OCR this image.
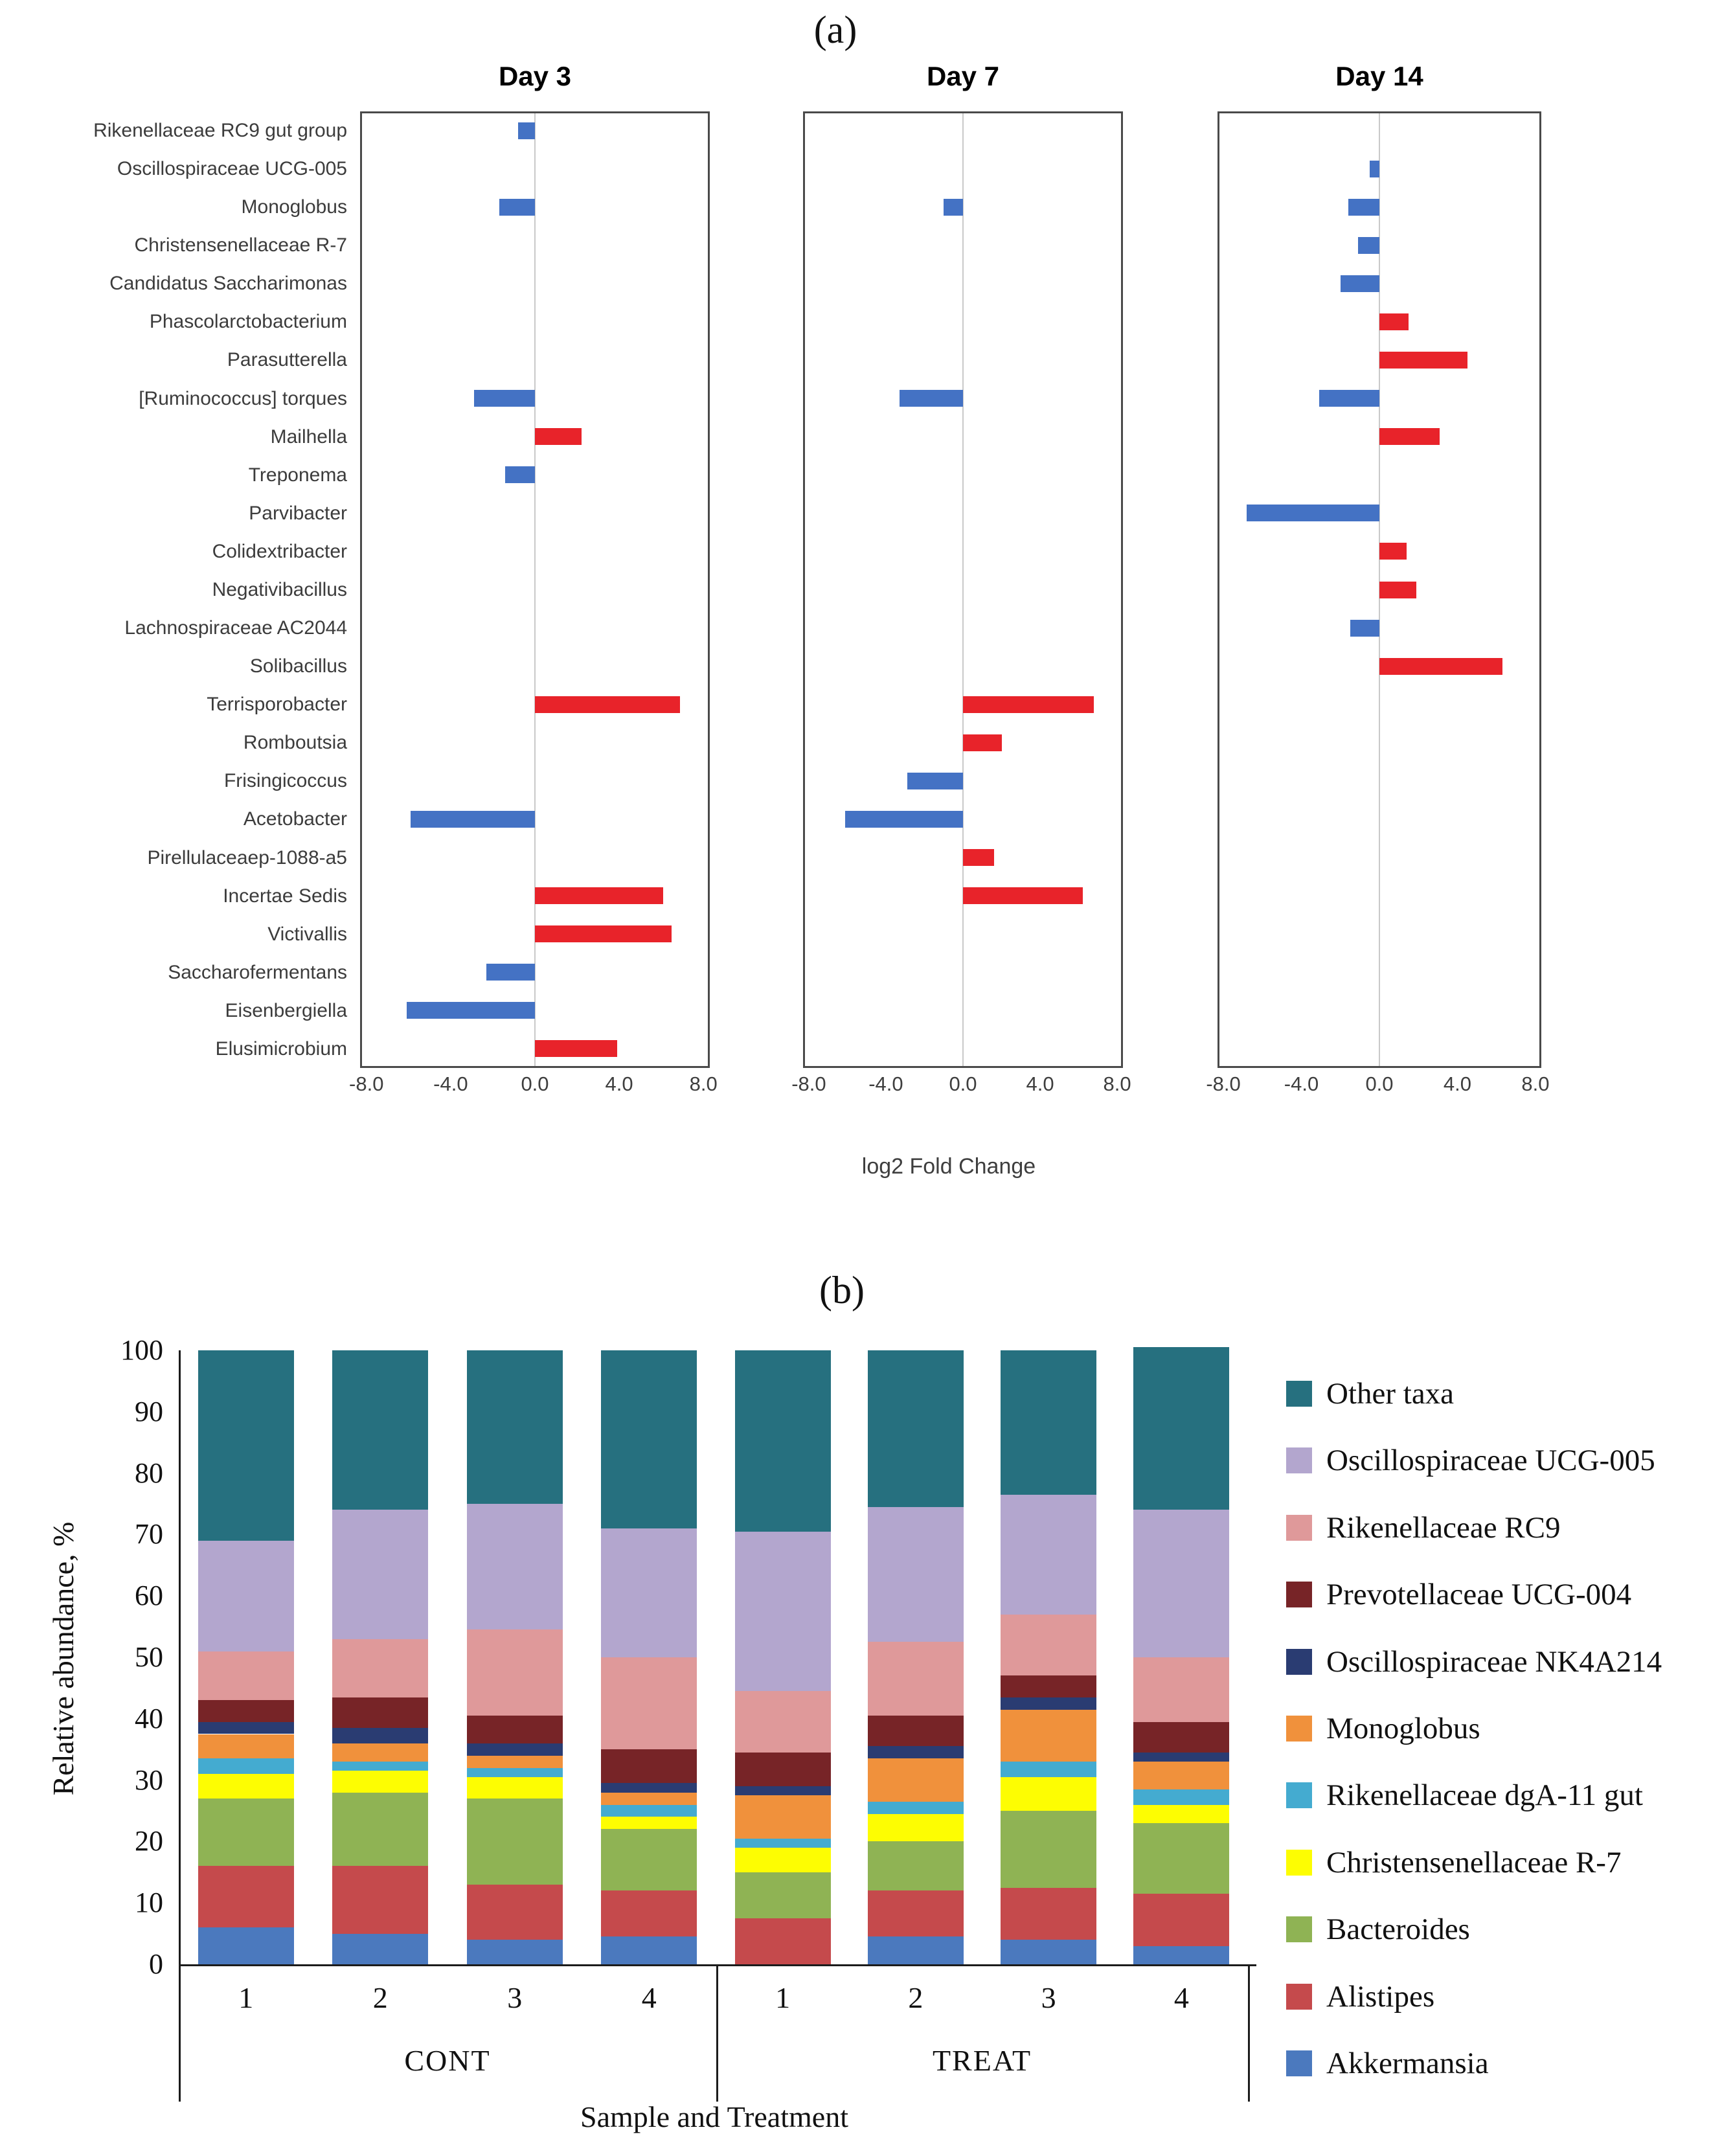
(a)
Rikenellaceae RC9 gut group
Oscillospiraceae UCG-005
Monoglobus
Christensenellaceae R-7
Candidatus Saccharimonas
Phascolarctobacterium
Parasutterella
[Ruminococcus] torques
Mailhella
Treponema
Parvibacter
Colidextribacter
Negativibacillus
Lachnospiraceae AC2044
Solibacillus
Terrisporobacter
Romboutsia
Frisingicoccus
Acetobacter
Pirellulaceaep-1088-a5
Incertae Sedis
Victivallis
Saccharofermentans
Eisenbergiella
Elusimicrobium
Day 3
-8.0	-4.0	0.0	4.0	8.0
Day 7
-8.0	-4.0	0.0	4.0	8.0
Day 14
-8.0	-4.0	0.0	4.0	8.0
log2 Fold Change
(b)
Relative abundance, %
0
10
20
30
40
50
60
70
80
90
100
1	2	3	4	1	2	3	4
CONT	TREAT
Sample and Treatment
Other taxa
Oscillospiraceae UCG-005
Rikenellaceae RC9
Prevotellaceae UCG-004
Oscillospiraceae NK4A214
Monoglobus
Rikenellaceae dgA-11 gut
Christensenellaceae R-7
Bacteroides
Alistipes
Akkermansia
